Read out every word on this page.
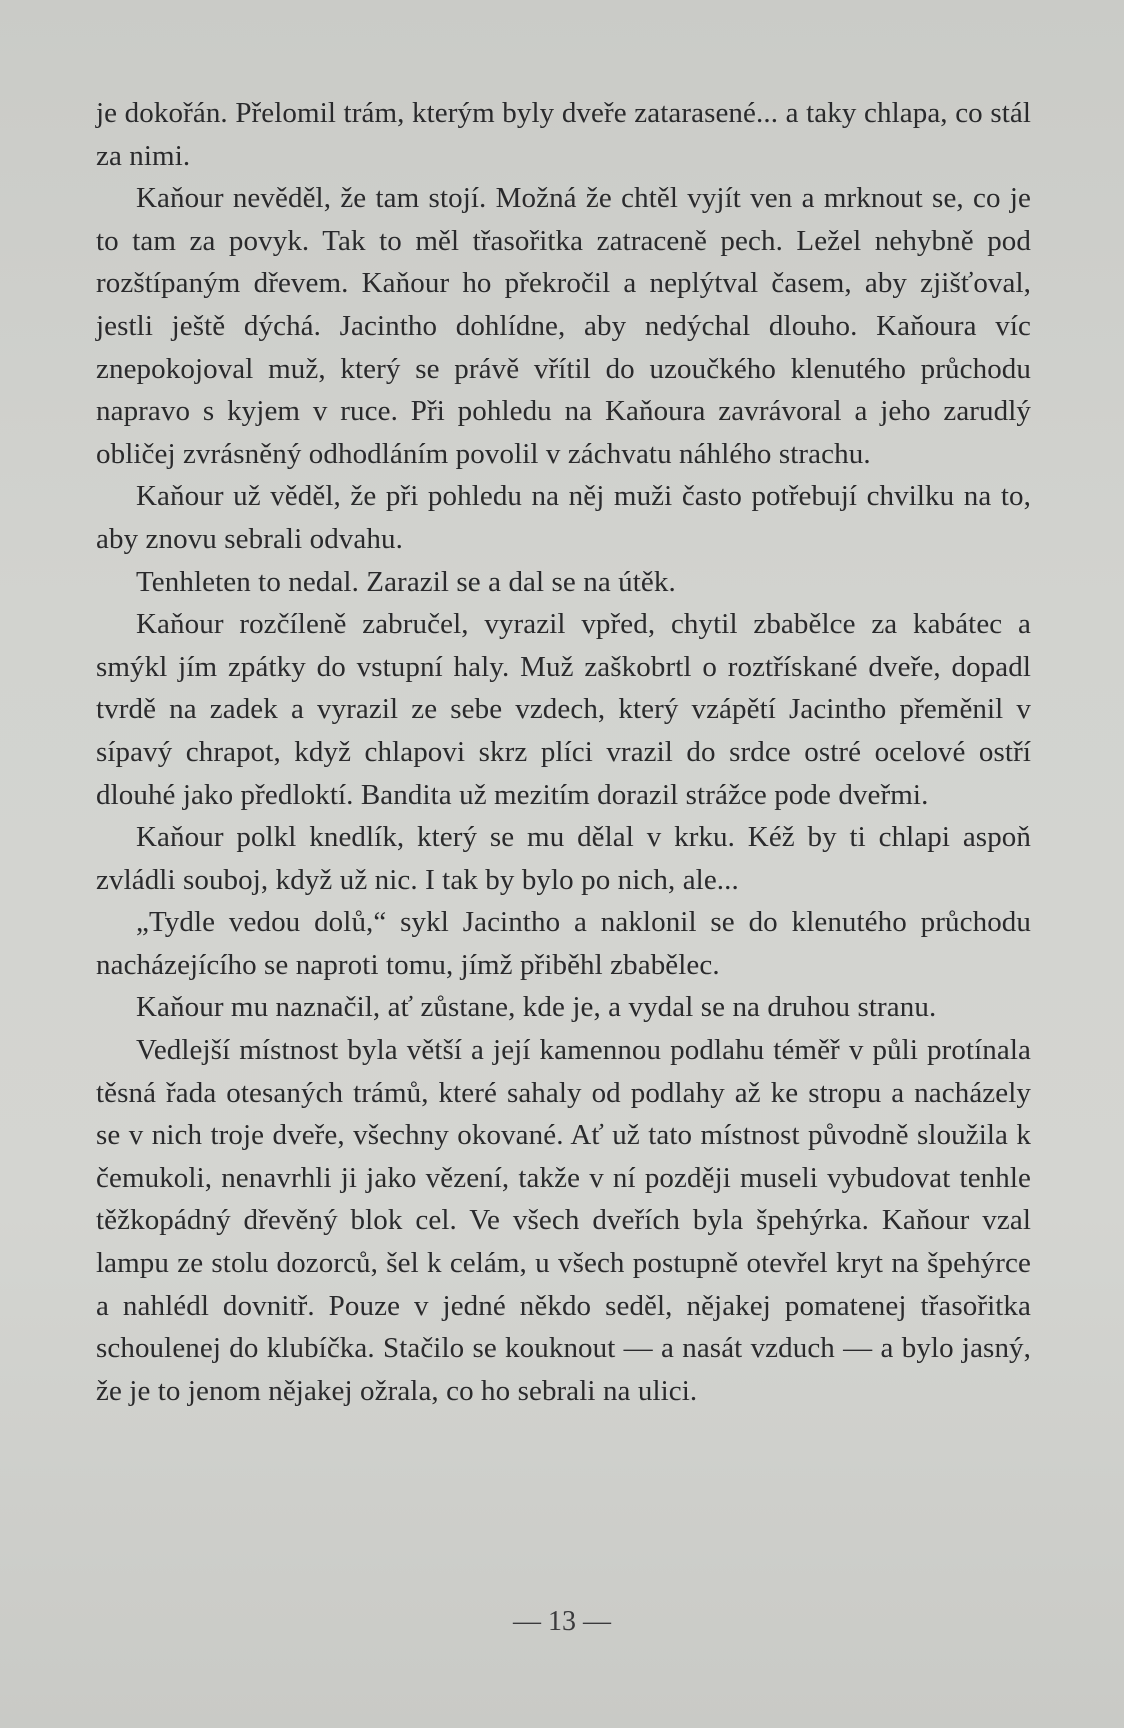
je dokořán. Přelomil trám, kterým byly dveře zatarasené... a taky chlapa, co stál za nimi.

Kaňour nevěděl, že tam stojí. Možná že chtěl vyjít ven a mrknout se, co je to tam za povyk. Tak to měl třasořitka zatraceně pech. Ležel nehybně pod rozštípaným dřevem. Kaňour ho překročil a neplýtval časem, aby zjišťoval, jestli ještě dýchá. Jacintho dohlídne, aby nedýchal dlouho. Kaňoura víc znepokojoval muž, který se právě vřítil do uzoučkého klenutého průchodu napravo s kyjem v ruce. Při pohledu na Kaňoura zavrávoral a jeho zarudlý obličej zvrásněný odhodláním povolil v záchvatu náhlého strachu.

Kaňour už věděl, že při pohledu na něj muži často potřebují chvilku na to, aby znovu sebrali odvahu.

Tenhleten to nedal. Zarazil se a dal se na útěk.

Kaňour rozčíleně zabručel, vyrazil vpřed, chytil zbabělce za kabátec a smýkl jím zpátky do vstupní haly. Muž zaškobrtl o roztřískané dveře, dopadl tvrdě na zadek a vyrazil ze sebe vzdech, který vzápětí Jacintho přeměnil v sípavý chrapot, když chlapovi skrz plíci vrazil do srdce ostré ocelové ostří dlouhé jako předloktí. Bandita už mezitím dorazil strážce pode dveřmi.

Kaňour polkl knedlík, který se mu dělal v krku. Kéž by ti chlapi aspoň zvládli souboj, když už nic. I tak by bylo po nich, ale...

„Tydle vedou dolů,“ sykl Jacintho a naklonil se do klenutého průchodu nacházejícího se naproti tomu, jímž přiběhl zbabělec.

Kaňour mu naznačil, ať zůstane, kde je, a vydal se na druhou stranu.

Vedlejší místnost byla větší a její kamennou podlahu téměř v půli protínala těsná řada otesaných trámů, které sahaly od podlahy až ke stropu a nacházely se v nich troje dveře, všechny okované. Ať už tato místnost původně sloužila k čemukoli, nenavrhli ji jako vězení, takže v ní později museli vybudovat tenhle těžkopádný dřevěný blok cel. Ve všech dveřích byla špehýrka. Kaňour vzal lampu ze stolu dozorců, šel k celám, u všech postupně otevřel kryt na špehýrce a nahlédl dovnitř. Pouze v jedné někdo seděl, nějakej pomatenej třasořitka schoulenej do klubíčka. Stačilo se kouknout — a nasát vzduch — a bylo jasný, že je to jenom nějakej ožrala, co ho sebrali na ulici.

— 13 —
